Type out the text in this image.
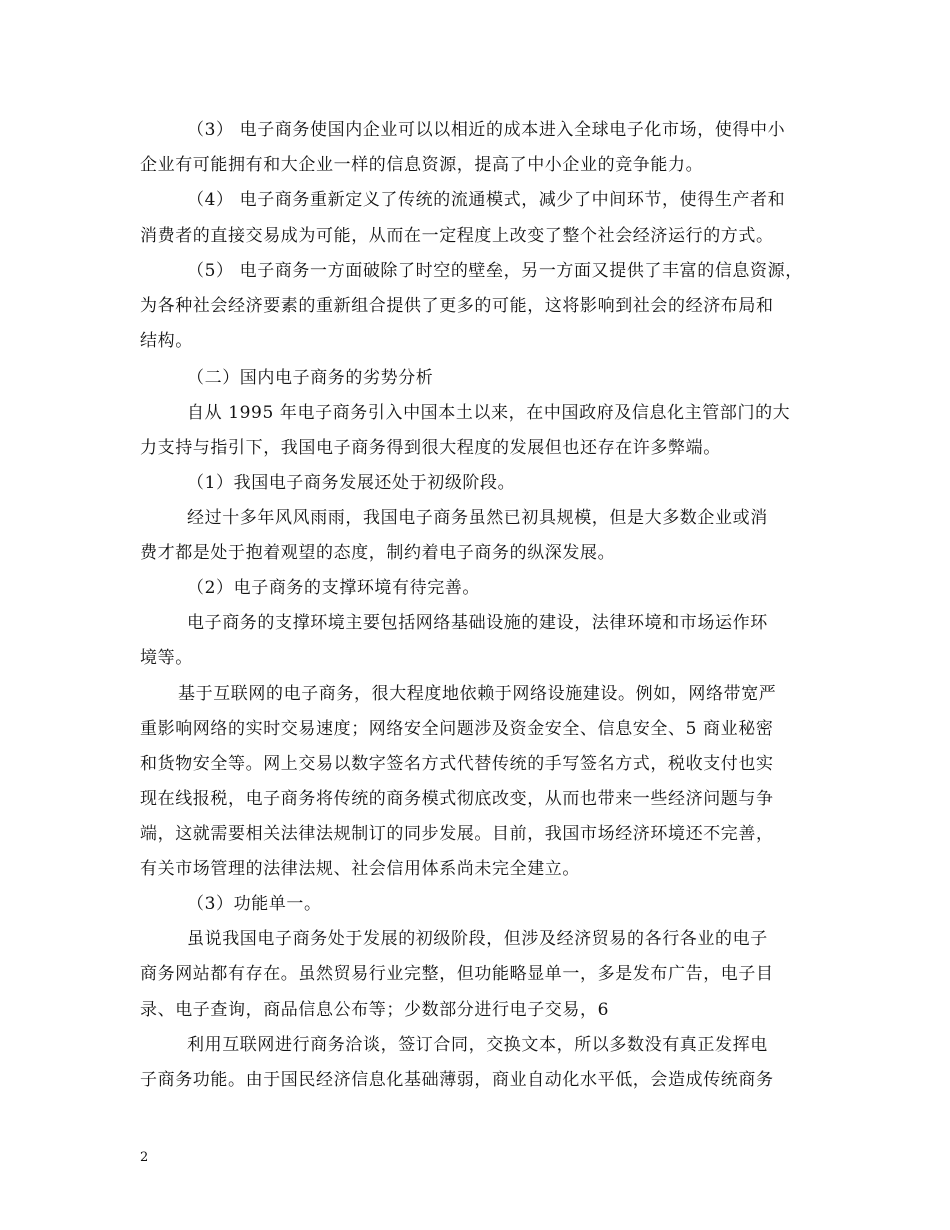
（3） 电子商务使国内企业可以以相近的成本进入全球电子化市场，使得中小
企业有可能拥有和大企业一样的信息资源，提高了中小企业的竞争能力。
（4） 电子商务重新定义了传统的流通模式，减少了中间环节，使得生产者和
消费者的直接交易成为可能，从而在一定程度上改变了整个社会经济运行的方式。
（5） 电子商务一方面破除了时空的壁垒，另一方面又提供了丰富的信息资源，
为各种社会经济要素的重新组合提供了更多的可能，这将影响到社会的经济布局和
结构。
（二）国内电子商务的劣势分析
自从 1995 年电子商务引入中国本土以来，在中国政府及信息化主管部门的大
力支持与指引下，我国电子商务得到很大程度的发展但也还存在许多弊端。
（1）我国电子商务发展还处于初级阶段。
经过十多年风风雨雨，我国电子商务虽然已初具规模，但是大多数企业或消
费才都是处于抱着观望的态度，制约着电子商务的纵深发展。
（2）电子商务的支撑环境有待完善。
电子商务的支撑环境主要包括网络基础设施的建设，法律环境和市场运作环
境等。
基于互联网的电子商务，很大程度地依赖于网络设施建设。例如，网络带宽严
重影响网络的实时交易速度；网络安全问题涉及资金安全、信息安全、5 商业秘密
和货物安全等。网上交易以数字签名方式代替传统的手写签名方式，税收支付也实
现在线报税，电子商务将传统的商务模式彻底改变，从而也带来一些经济问题与争
端，这就需要相关法律法规制订的同步发展。目前，我国市场经济环境还不完善，
有关市场管理的法律法规、社会信用体系尚未完全建立。
（3）功能单一。
虽说我国电子商务处于发展的初级阶段，但涉及经济贸易的各行各业的电子
商务网站都有存在。虽然贸易行业完整，但功能略显单一，多是发布广告，电子目
录、电子查询，商品信息公布等；少数部分进行电子交易，6
利用互联网进行商务洽谈，签订合同，交换文本，所以多数没有真正发挥电
子商务功能。由于国民经济信息化基础薄弱，商业自动化水平低，会造成传统商务
2
